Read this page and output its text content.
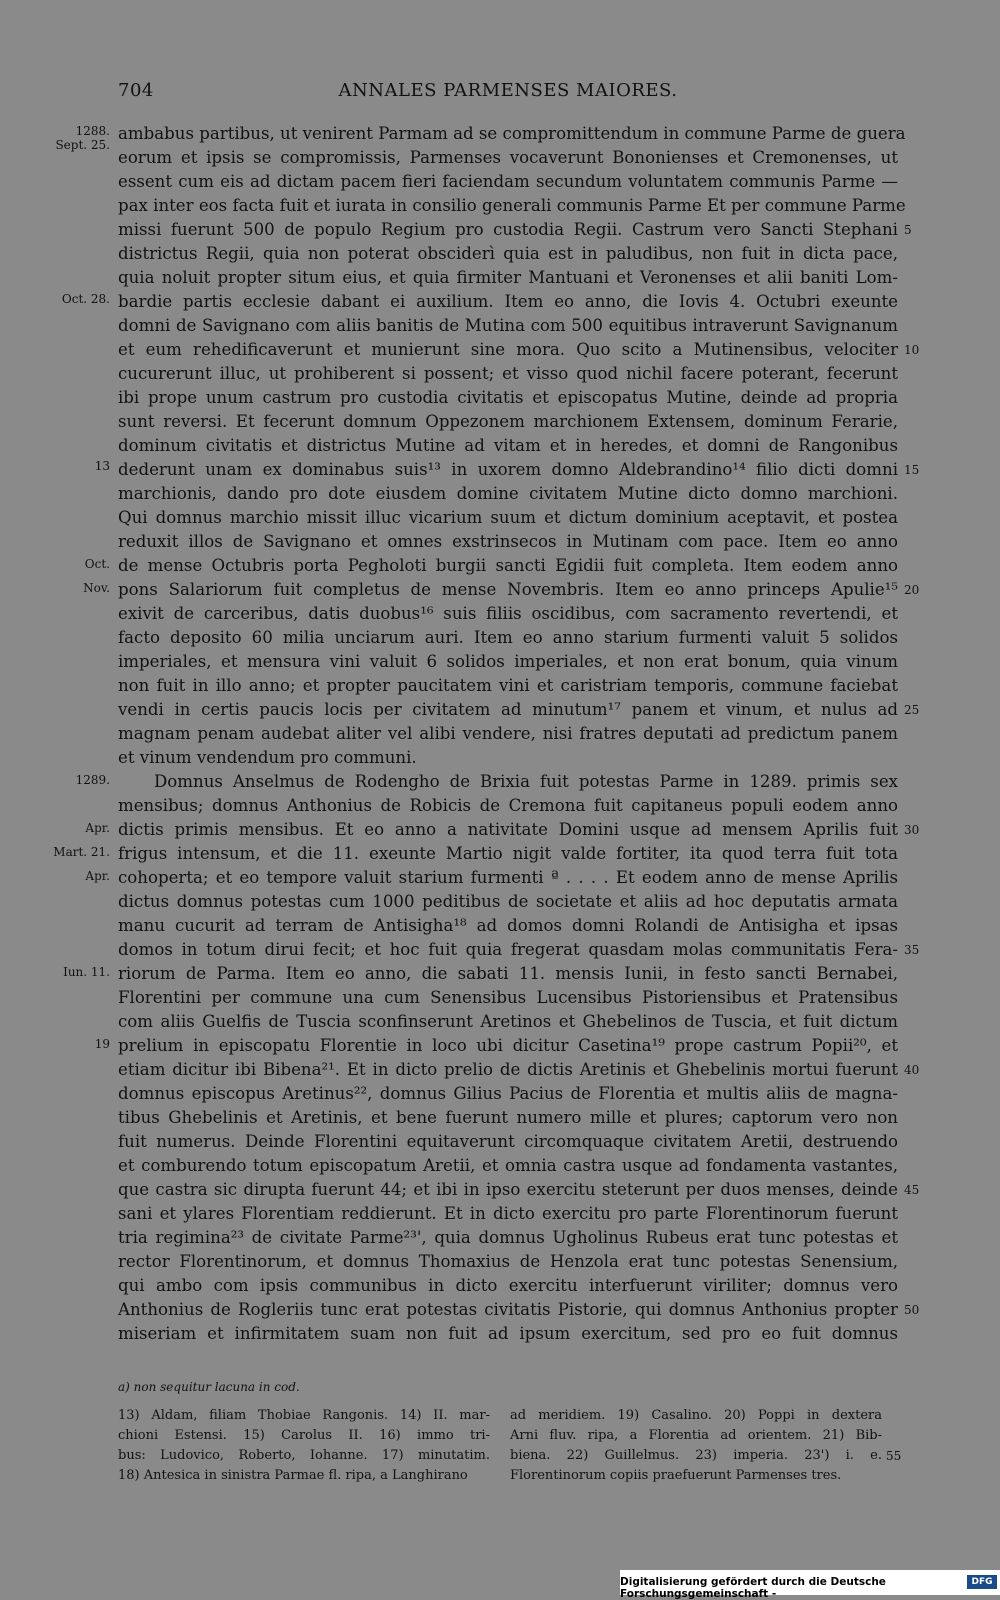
704	ANNALES PARMENSES MAIORES.
ambabus partibus, ut venirent Parmam ad se compromittendum in commune Parme de guera
eorum et ipsis se compromissis, Parmenses vocaverunt Bononienses et Cremonenses, ut
essent cum eis ad dictam pacem fieri faciendam secundum voluntatem communis Parme —
pax inter eos facta fuit et iurata in consilio generali communis Parme Et per commune Parme
missi fuerunt 500 de populo Regium pro custodia Regii. Castrum vero Sancti Stephani
districtus Regii, quia non poterat obsciderì quia est in paludibus, non fuit in dicta pace,
quia noluit propter situm eius, et quia firmiter Mantuani et Veronenses et alii baniti Lom-
bardie partis ecclesie dabant ei auxilium. Item eo anno, die Iovis 4. Octubri exeunte
domni de Savignano com aliis banitis de Mutina com 500 equitibus intraverunt Savignanum
et eum rehedificaverunt et munierunt sine mora. Quo scito a Mutinensibus, velociter
cucurerunt illuc, ut prohiberent si possent; et visso quod nichil facere poterant, fecerunt
ibi prope unum castrum pro custodia civitatis et episcopatus Mutine, deinde ad propria
sunt reversi. Et fecerunt domnum Oppezonem marchionem Extensem, dominum Ferarie,
dominum civitatis et districtus Mutine ad vitam et in heredes, et domni de Rangonibus
dederunt unam ex dominabus suis¹³ in uxorem domno Aldebrandino¹⁴ filio dicti domni
marchionis, dando pro dote eiusdem domine civitatem Mutine dicto domno marchioni.
Qui domnus marchio missit illuc vicarium suum et dictum dominium aceptavit, et postea
reduxit illos de Savignano et omnes exstrinsecos in Mutinam com pace. Item eo anno
de mense Octubris porta Pegholoti burgii sancti Egidii fuit completa. Item eodem anno
pons Salariorum fuit completus de mense Novembris. Item eo anno princeps Apulie¹⁵
exivit de carceribus, datis duobus¹⁶ suis filiis oscidibus, com sacramento revertendi, et
facto deposito 60 milia unciarum auri. Item eo anno starium furmenti valuit 5 solidos
imperiales, et mensura vini valuit 6 solidos imperiales, et non erat bonum, quia vinum
non fuit in illo anno; et propter paucitatem vini et caristriam temporis, commune faciebat
vendi in certis paucis locis per civitatem ad minutum¹⁷ panem et vinum, et nulus ad
magnam penam audebat aliter vel alibi vendere, nisi fratres deputati ad predictum panem
et vinum vendendum pro communi.
Domnus Anselmus de Rodengho de Brixia fuit potestas Parme in 1289. primis sex
mensibus; domnus Anthonius de Robicis de Cremona fuit capitaneus populi eodem anno
dictis primis mensibus. Et eo anno a nativitate Domini usque ad mensem Aprilis fuit
frigus intensum, et die 11. exeunte Martio nigit valde fortiter, ita quod terra fuit tota
cohoperta; et eo tempore valuit starium furmenti ª . . . . Et eodem anno de mense Aprilis
dictus domnus potestas cum 1000 peditibus de societate et aliis ad hoc deputatis armata
manu cucurit ad terram de Antisigha¹⁸ ad domos domni Rolandi de Antisigha et ipsas
domos in totum dirui fecit; et hoc fuit quia fregerat quasdam molas communitatis Fera-
riorum de Parma. Item eo anno, die sabati 11. mensis Iunii, in festo sancti Bernabei,
Florentini per commune una cum Senensibus Lucensibus Pistoriensibus et Pratensibus
com aliis Guelfis de Tuscia sconfinserunt Aretinos et Ghebelinos de Tuscia, et fuit dictum
prelium in episcopatu Florentie in loco ubi dicitur Casetina¹⁹ prope castrum Popii²⁰, et
etiam dicitur ibi Bibena²¹. Et in dicto prelio de dictis Aretinis et Ghebelinis mortui fuerunt
domnus episcopus Aretinus²², domnus Gilius Pacius de Florentia et multis aliis de magna-
tibus Ghebelinis et Aretinis, et bene fuerunt numero mille et plures; captorum vero non
fuit numerus. Deinde Florentini equitaverunt circomquaque civitatem Aretii, destruendo
et comburendo totum episcopatum Aretii, et omnia castra usque ad fondamenta vastantes,
que castra sic dirupta fuerunt 44; et ibi in ipso exercitu steterunt per duos menses, deinde
sani et ylares Florentiam reddierunt. Et in dicto exercitu pro parte Florentinorum fuerunt
tria regimina²³ de civitate Parme²³', quia domnus Ugholinus Rubeus erat tunc potestas et
rector Florentinorum, et domnus Thomaxius de Henzola erat tunc potestas Senensium,
qui ambo com ipsis communibus in dicto exercitu interfuerunt viriliter; domnus vero
Anthonius de Rogleriis tunc erat potestas civitatis Pistorie, qui domnus Anthonius propter
miseriam et infirmitatem suam non fuit ad ipsum exercitum, sed pro eo fuit domnus
1288.
Sept. 25.
Oct. 28.
13
Oct.
Nov.
1289.
Apr.
Mart. 21.
Apr.
Iun. 11.
19
5
10
15
20
25
30
35
40
45
50
a) non sequitur lacuna in cod.
13) Aldam, filiam Thobiae Rangonis. 14) II. mar-
chioni Estensi. 15) Carolus II. 16) immo tri-
bus: Ludovico, Roberto, Iohanne. 17) minutatim.
18) Antesica in sinistra Parmae fl. ripa, a Langhirano
ad meridiem. 19) Casalino. 20) Poppi in dextera
Arni fluv. ripa, a Florentia ad orientem. 21) Bib-
biena. 22) Guillelmus. 23) imperia. 23') i. e.
Florentinorum copiis praefuerunt Parmenses tres.
55
Digitalisierung gefördert durch die Deutsche Forschungsgemeinschaft -
DFG
